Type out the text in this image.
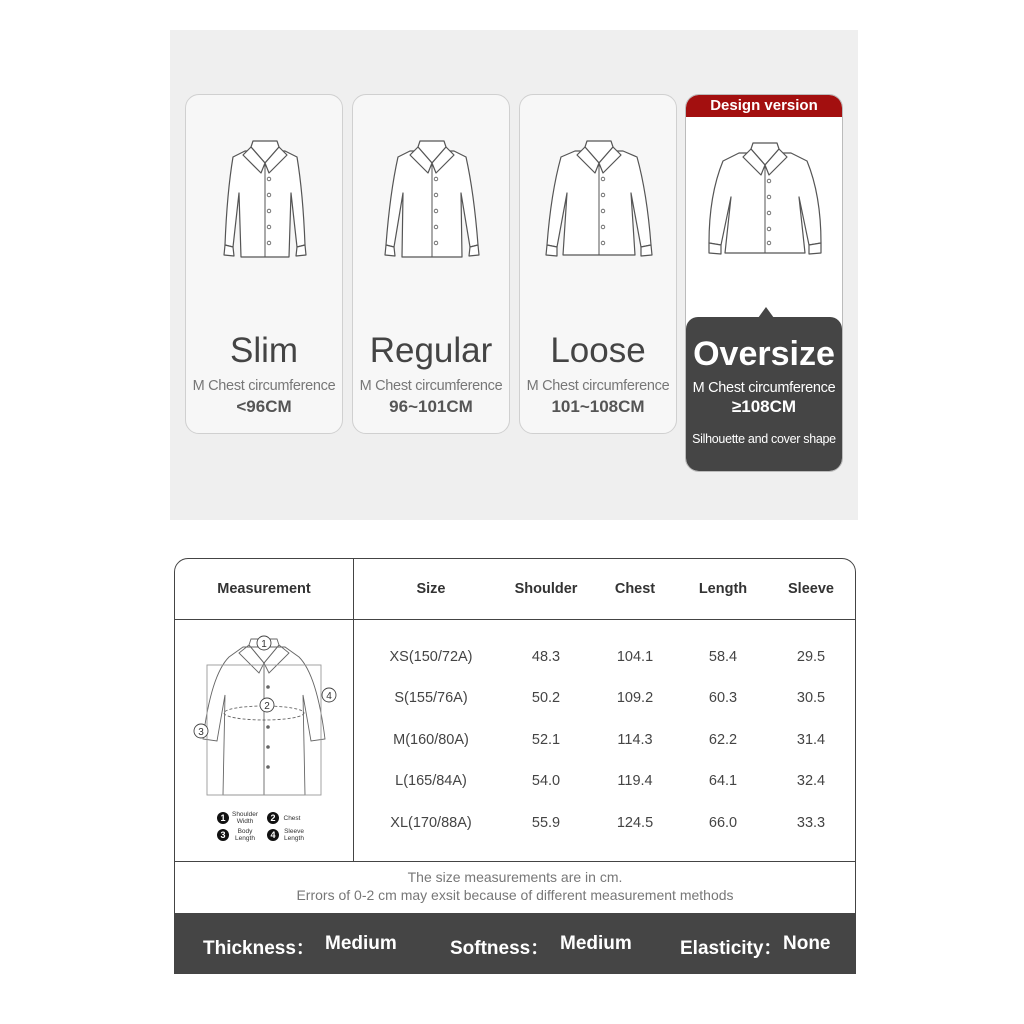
Slim
M Chest circumference
<96CM
Regular
M Chest circumference
96~101CM
Loose
M Chest circumference
101~108CM
Design version
Oversize
M Chest circumference
≥108CM
Silhouette and cover shape
Measurement	Size	Shoulder	Chest	Length	Sleeve
1
2
3
4
1	2
3	4
Shoulder
Width	Chest
Body
Length
Sleeve
Length
XS(150/72A)	48.3	104.1	58.4	29.5
S(155/76A)	50.2	109.2	60.3	30.5
M(160/80A)	52.1	114.3	62.2	31.4
L(165/84A)	54.0	119.4	64.1	32.4
XL(170/88A)	55.9	124.5	66.0	33.3
The size measurements are in cm.
Errors of 0-2 cm may exsit because of different measurement methods
Thickness： Medium	Softness： Medium	Elasticity： None
